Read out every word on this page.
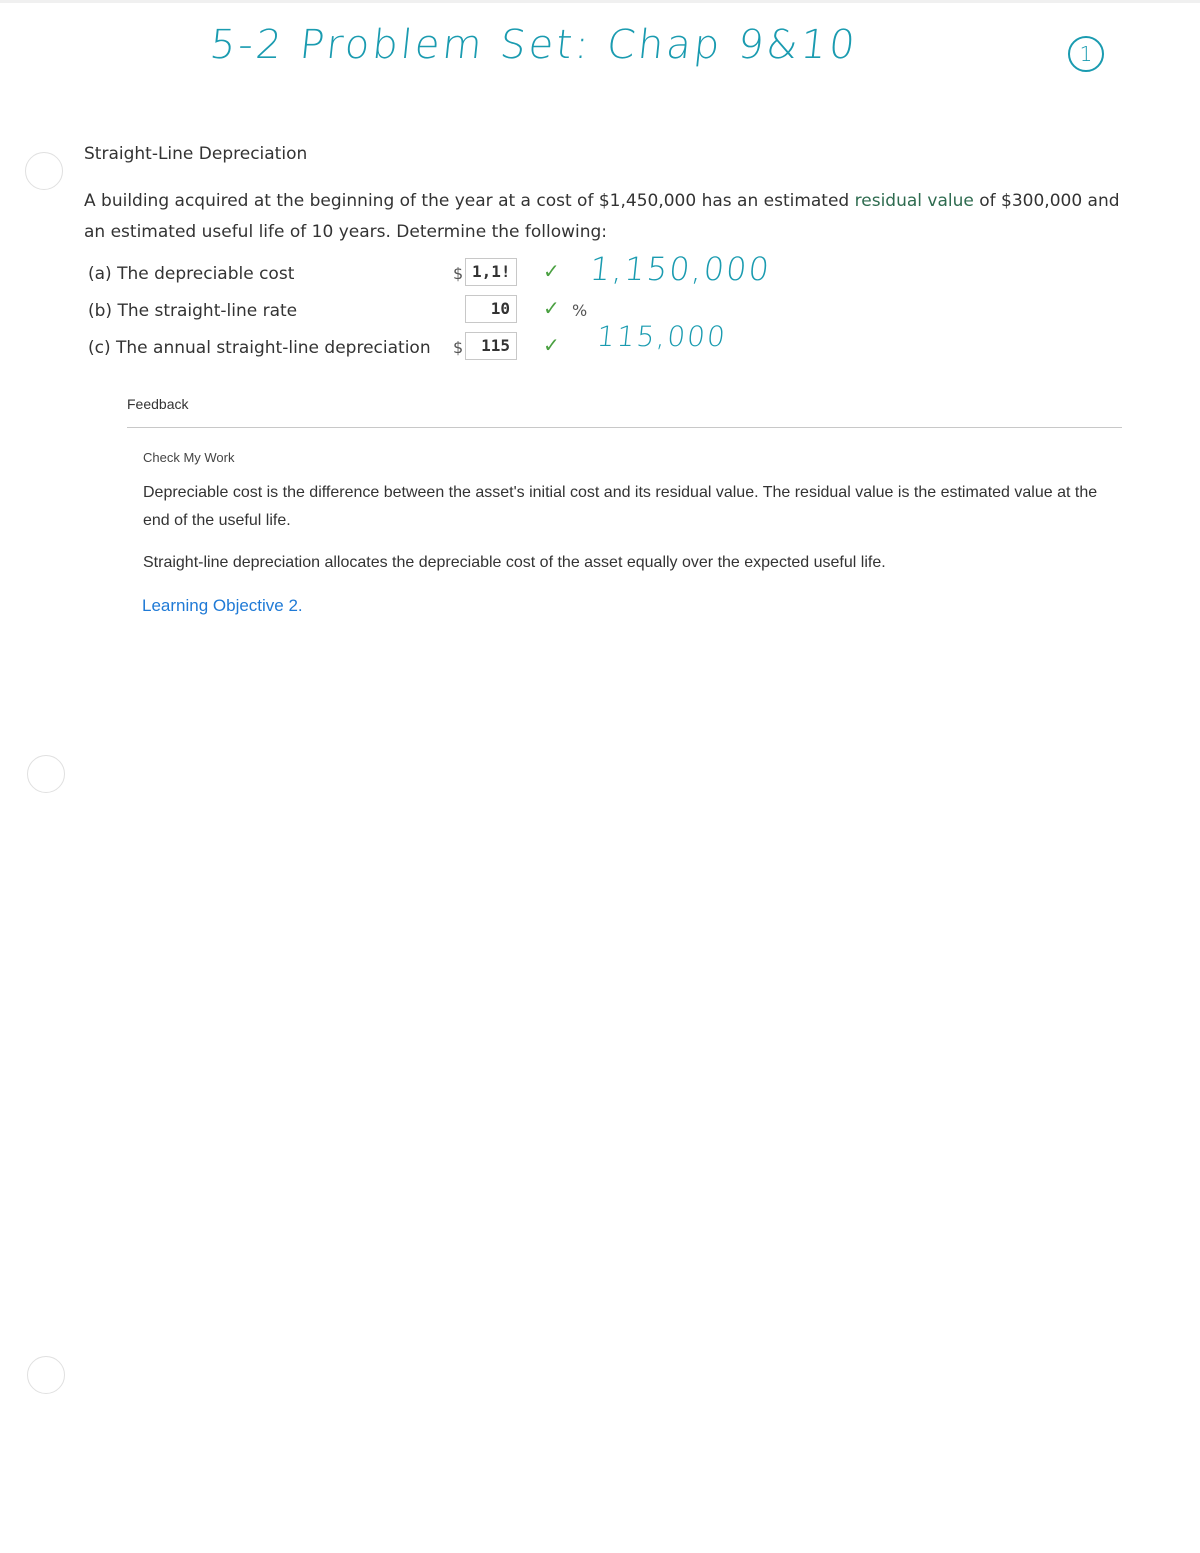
5-2 Problem Set: Chap 9&10	1
Straight-Line Depreciation
A building acquired at the beginning of the year at a cost of $1,450,000 has an estimated residual value of $300,000 and an estimated useful life of 10 years. Determine the following:
(a) The depreciable cost	$ 1,1!	✓ 1,150,000
(b) The straight-line rate	10	✓ %
(c) The annual straight-line depreciation $	115	✓ 115,000
Feedback
Check My Work
Depreciable cost is the difference between the asset's initial cost and its residual value. The residual value is the estimated value at the end of the useful life.
Straight-line depreciation allocates the depreciable cost of the asset equally over the expected useful life.
Learning Objective 2.
